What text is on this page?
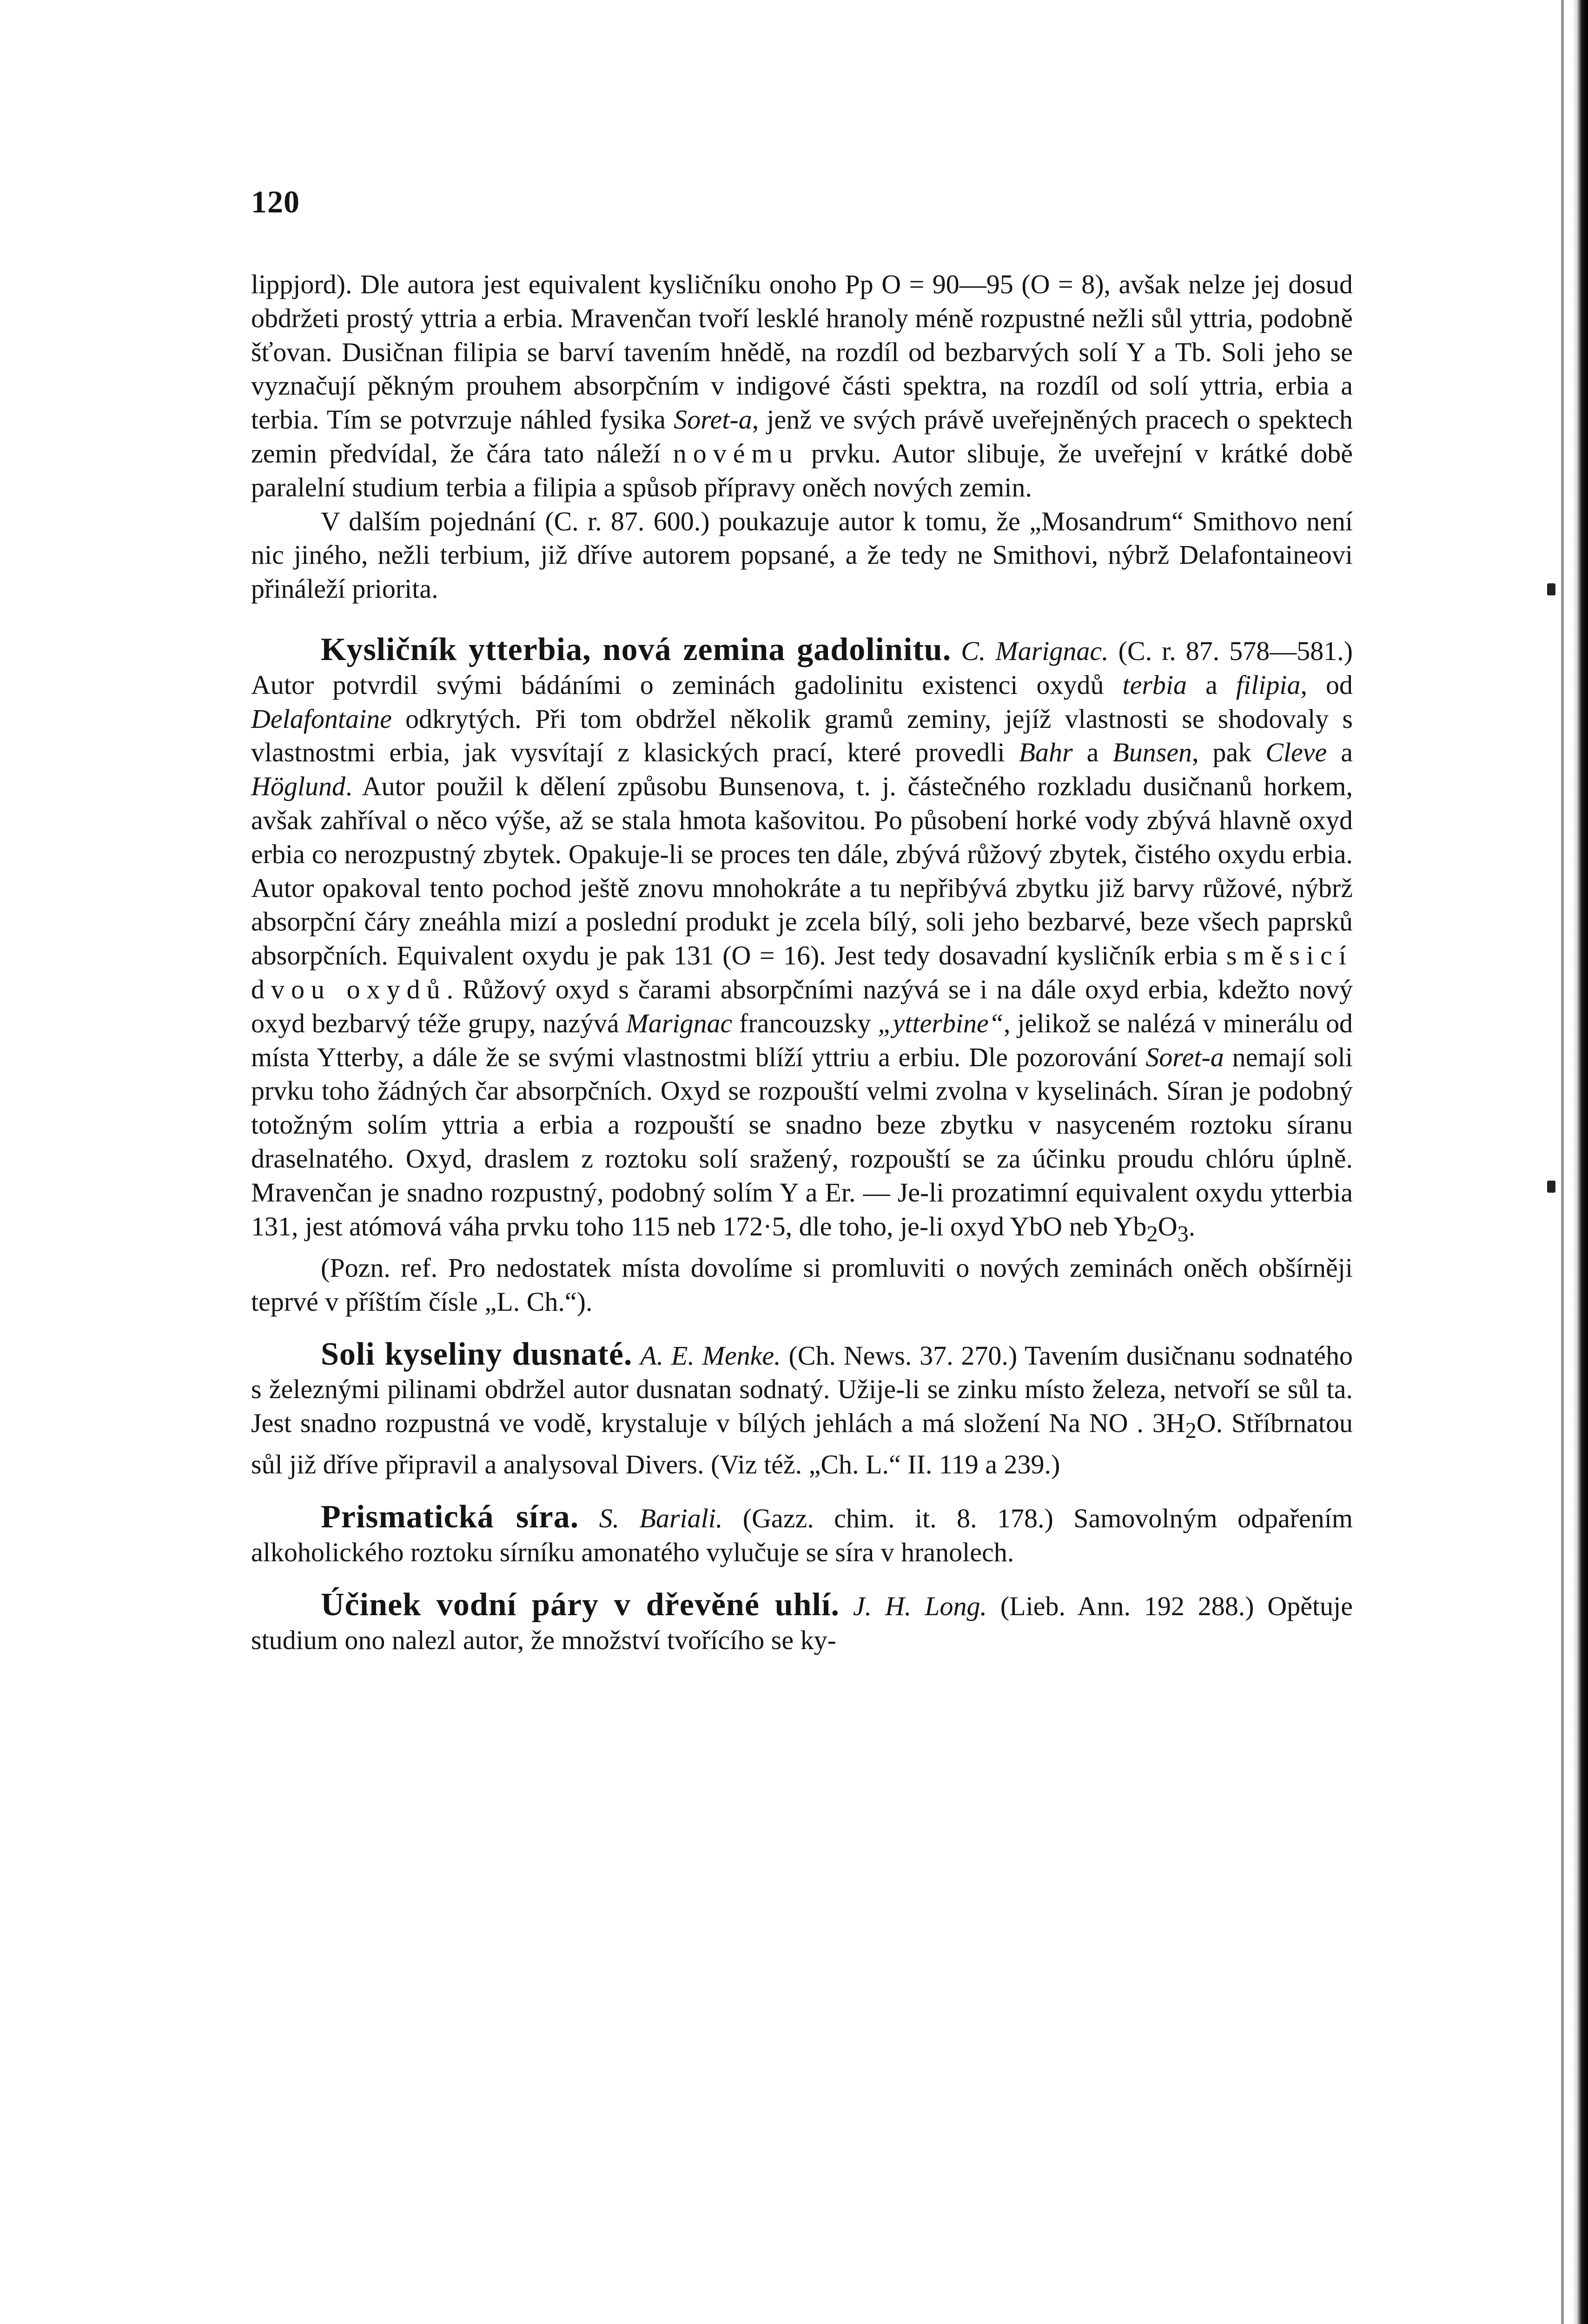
120

lippjord). Dle autora jest equivalent kysličníku onoho Pp O = 90—95 (O = 8), avšak nelze jej dosud obdržeti prostý yttria a erbia. Mravenčan tvoří lesklé hranoly méně rozpustné nežli sůl yttria, podobně šťovan. Dusičnan filipia se barví tavením hnědě, na rozdíl od bezbarvých solí Y a Tb. Soli jeho se vyznačují pěkným prouhem absorpčním v indigové části spektra, na rozdíl od solí yttria, erbia a terbia. Tím se potvrzuje náhled fysika Soret-a, jenž ve svých právě uveřejněných pracech o spektech zemin předvídal, že čára tato náleží novému prvku. Autor slibuje, že uveřejní v krátké době paralelní studium terbia a filipia a spůsob přípravy oněch nových zemin.

V dalším pojednání (C. r. 87. 600.) poukazuje autor k tomu, že „Mosandrum“ Smithovo není nic jiného, nežli terbium, již dříve autorem popsané, a že tedy ne Smithovi, nýbrž Delafontaineovi přináleží priorita.

Kysličník ytterbia, nová zemina gadolinitu. C. Marignac. (C. r. 87. 578—581.) Autor potvrdil svými bádáními o zeminách gadolinitu existenci oxydů terbia a filipia, od Delafontaine odkrytých. Při tom obdržel několik gramů zeminy, jejíž vlastnosti se shodovaly s vlastnostmi erbia, jak vysvítají z klasických prací, které provedli Bahr a Bunsen, pak Cleve a Höglund. Autor použil k dělení způsobu Bunsenova, t. j. částečného rozkladu dusičnanů horkem, avšak zahříval o něco výše, až se stala hmota kašovitou. Po působení horké vody zbývá hlavně oxyd erbia co nerozpustný zbytek. Opakuje-li se proces ten dále, zbývá růžový zbytek, čistého oxydu erbia. Autor opakoval tento pochod ještě znovu mnohokráte a tu nepřibývá zbytku již barvy růžové, nýbrž absorpční čáry zneáhla mizí a poslední produkt je zcela bílý, soli jeho bezbarvé, beze všech paprsků absorpčních. Equivalent oxydu je pak 131 (O = 16). Jest tedy dosavadní kysličník erbia směsicí dvou oxydů. Růžový oxyd s čarami absorpčními nazývá se i na dále oxyd erbia, kdežto nový oxyd bezbarvý téže grupy, nazývá Marignac francouzsky „ytterbine“, jelikož se nalézá v minerálu od místa Ytterby, a dále že se svými vlastnostmi blíží yttriu a erbiu. Dle pozorování Soret-a nemají soli prvku toho žádných čar absorpčních. Oxyd se rozpouští velmi zvolna v kyselinách. Síran je podobný totožným solím yttria a erbia a rozpouští se snadno beze zbytku v nasyceném roztoku síranu draselnatého. Oxyd, draslem z roztoku solí sražený, rozpouští se za účinku proudu chlóru úplně. Mravenčan je snadno rozpustný, podobný solím Y a Er. — Je-li prozatimní equivalent oxydu ytterbia 131, jest atómová váha prvku toho 115 neb 172·5, dle toho, je-li oxyd YbO neb $Yb_2O_3$.

(Pozn. ref. Pro nedostatek místa dovolíme si promluviti o nových zeminách oněch obšírněji teprvé v příštím čísle „L. Ch.“).

Soli kyseliny dusnaté. A. E. Menke. (Ch. News. 37. 270.) Tavením dusičnanu sodnatého s železnými pilinami obdržel autor dusnatan sodnatý. Užije-li se zinku místo železa, netvoří se sůl ta. Jest snadno rozpustná ve vodě, krystaluje v bílých jehlách a má složení Na NO . $3H_2O$. Stříbrnatou sůl již dříve připravil a analysoval Divers. (Viz též. „Ch. L.“ II. 119 a 239.)

Prismatická síra. S. Bariali. (Gazz. chim. it. 8. 178.) Samovolným odpařením alkoholického roztoku sírníku amonatého vylučuje se síra v hranolech.

Účinek vodní páry v dřevěné uhlí. J. H. Long. (Lieb. Ann. 192 288.) Opětuje studium ono nalezl autor, že množství tvořícího se ky-
